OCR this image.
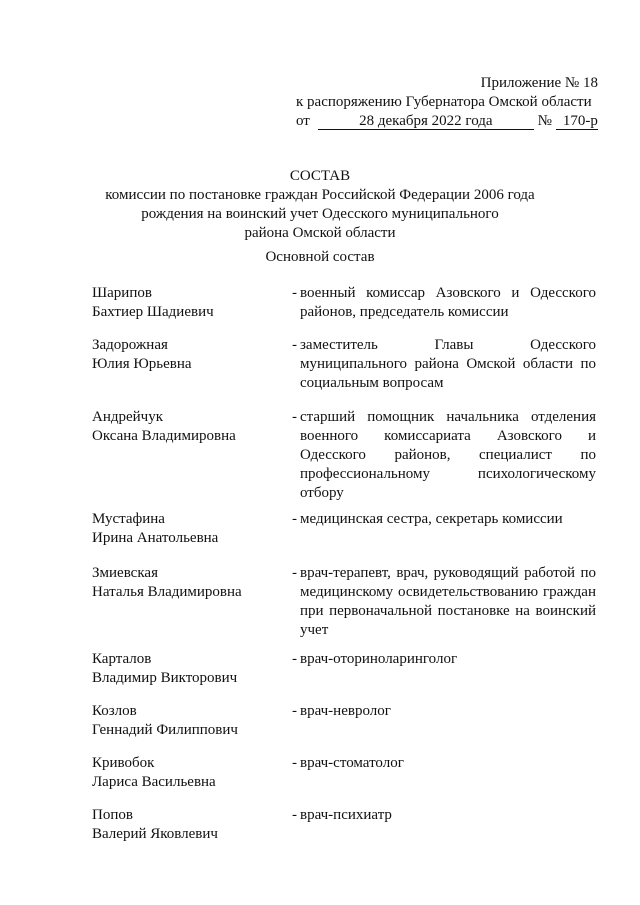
Приложение № 18
к распоряжению Губернатора Омской области
от	28 декабря 2022 года	№ 170-р
СОСТАВ
комиссии по постановке граждан Российской Федерации 2006 года
рождения на воинский учет Одесского муниципального
района Омской области
Основной состав
Шарипов
Бахтиер Шадиевич
- военный комиссар Азовского и Одесского районов, председатель комиссии
Задорожная
Юлия Юрьевна
- заместитель Главы Одесского муниципального района Омской области по социальным вопросам
Андрейчук
Оксана Владимировна
- старший помощник начальника отделения военного комиссариата Азовского и Одесского районов, специалист по профессиональному психологическому отбору
Мустафина
Ирина Анатольевна
- медицинская сестра, секретарь комиссии
Змиевская
Наталья Владимировна
- врач-терапевт, врач, руководящий работой по медицинскому освидетельствованию граждан при первоначальной постановке на воинский учет
Карталов
Владимир Викторович
- врач-оториноларинголог
Козлов
Геннадий Филиппович
- врач-невролог
Кривобок
Лариса Васильевна
- врач-стоматолог
Попов
Валерий Яковлевич
- врач-психиатр
